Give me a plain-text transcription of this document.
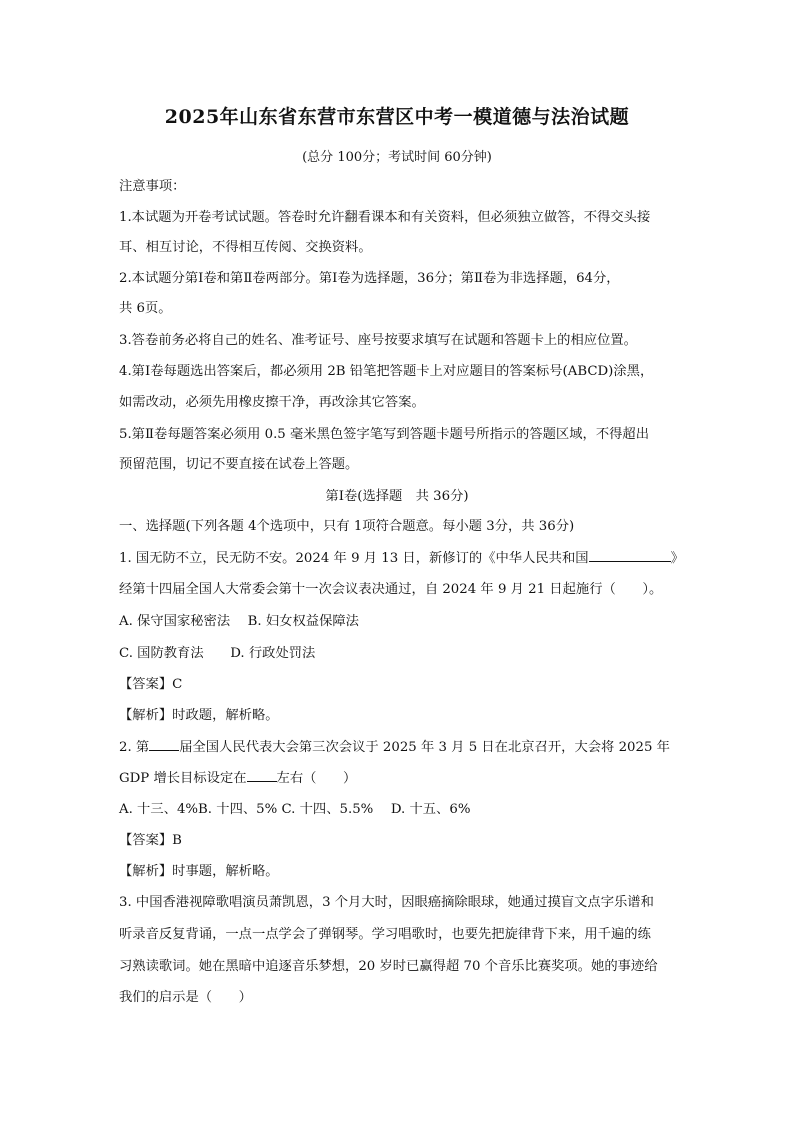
2025年山东省东营市东营区中考一模道德与法治试题
(总分 100分；考试时间 60分钟)
注意事项：
1.本试题为开卷考试试题。答卷时允许翻看课本和有关资料，但必须独立做答，不得交头接
耳、相互讨论，不得相互传阅、交换资料。
2.本试题分第Ⅰ卷和第Ⅱ卷两部分。第Ⅰ卷为选择题，36分；第Ⅱ卷为非选择题，64分，
共 6页。
3.答卷前务必将自己的姓名、准考证号、座号按要求填写在试题和答题卡上的相应位置。
4.第Ⅰ卷每题选出答案后，都必须用 2B 铅笔把答题卡上对应题目的答案标号(ABCD)涂黑，
如需改动，必须先用橡皮擦干净，再改涂其它答案。
5.第Ⅱ卷每题答案必须用 0.5 毫米黑色签字笔写到答题卡题号所指示的答题区域，不得超出
预留范围，切记不要直接在试卷上答题。
第Ⅰ卷(选择题　共 36分)
一、选择题(下列各题 4个选项中，只有 1项符合题意。每小题 3分，共 36分)
1. 国无防不立，民无防不安。2024 年 9 月 13 日，新修订的《中华人民共和国	》
经第十四届全国人大常委会第十一次会议表决通过，自 2024 年 9 月 21 日起施行（　　）。
A. 保守国家秘密法　 B. 妇女权益保障法
C. 国防教育法　　D. 行政处罚法
【答案】C
【解析】时政题，解析略。
2. 第 届全国人民代表大会第三次会议于 2025 年 3 月 5 日在北京召开，大会将 2025 年
GDP 增长目标设定在 左右（　　）
A. 十三、4%B. 十四、5% C. 十四、5.5%　 D. 十五、6%
【答案】B
【解析】时事题，解析略。
3. 中国香港视障歌唱演员萧凯恩，3 个月大时，因眼癌摘除眼球，她通过摸盲文点字乐谱和
听录音反复背诵，一点一点学会了弹钢琴。学习唱歌时，也要先把旋律背下来，用千遍的练
习熟读歌词。她在黑暗中追逐音乐梦想，20 岁时已赢得超 70 个音乐比赛奖项。她的事迹给
我们的启示是（　　）
